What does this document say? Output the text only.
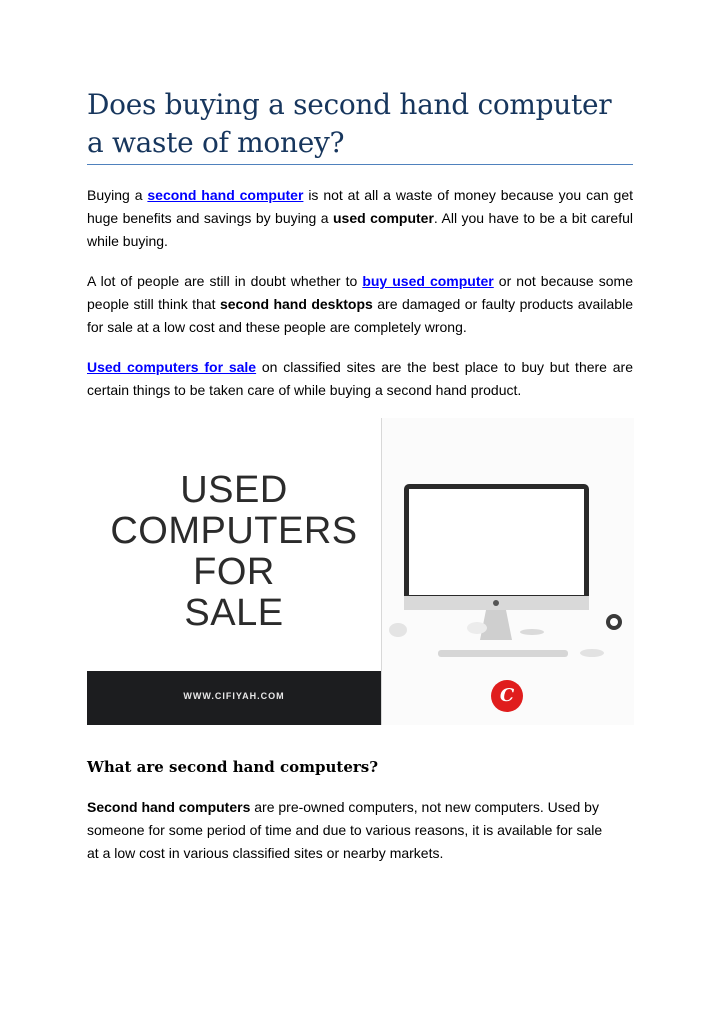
Does buying a second hand computer a waste of money?

Buying a second hand computer is not at all a waste of money because you can get huge benefits and savings by buying a used computer. All you have to be a bit careful while buying.

A lot of people are still in doubt whether to buy used computer or not because some people still think that second hand desktops are damaged or faulty products available for sale at a low cost and these people are completely wrong.

Used computers for sale on classified sites are the best place to buy but there are certain things to be taken care of while buying a second hand product.

USED
COMPUTERS
FOR
SALE
WWW.CIFIYAH.COM	C
What are second hand computers?

Second hand computers are pre-owned computers, not new computers. Used by someone for some period of time and due to various reasons, it is available for sale at a low cost in various classified sites or nearby markets.
